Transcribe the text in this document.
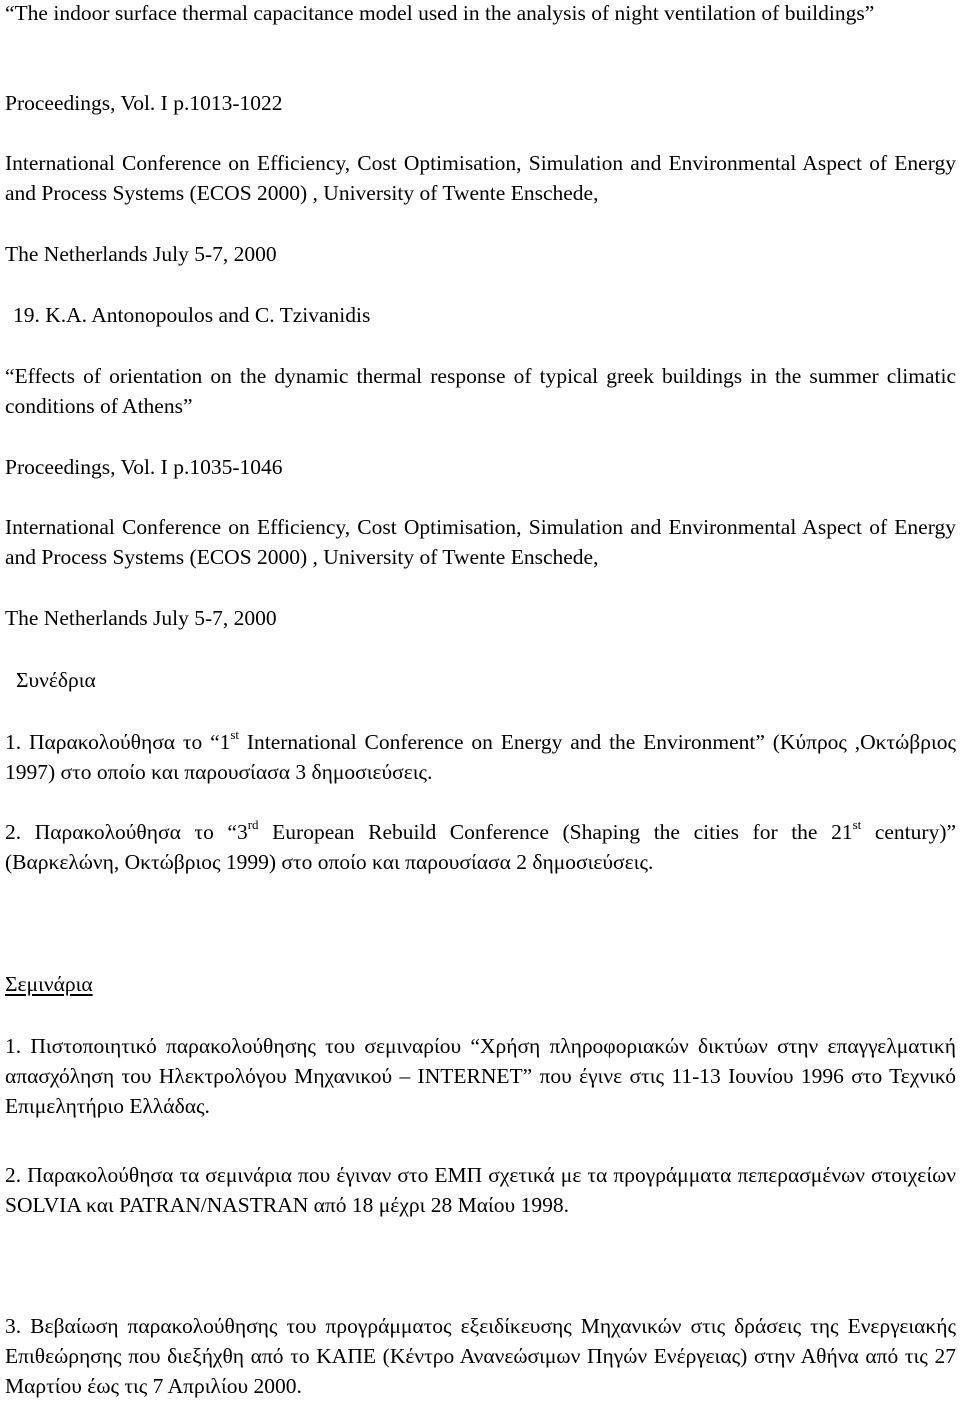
“The indoor surface thermal capacitance model used in the analysis of night ventilation of buildings”
Proceedings, Vol. I p.1013-1022
International Conference on Efficiency, Cost Optimisation, Simulation and Environmental Aspect of Energy and Process Systems (ECOS 2000) , University of Twente Enschede,
The Netherlands July 5-7, 2000
19. K.A. Antonopoulos and C. Tzivanidis
“Effects of orientation on the dynamic thermal response of typical greek buildings in the summer climatic conditions of Athens”
Proceedings, Vol. I p.1035-1046
International Conference on Efficiency, Cost Optimisation, Simulation and Environmental Aspect of Energy and Process Systems (ECOS 2000) , University of Twente Enschede,
The Netherlands July 5-7, 2000
Συνέδρια
1. Παρακολούθησα το “1st International Conference on Energy and the Environment” (Κύπρος ,Οκτώβριος 1997) στο οποίο και παρουσίασα 3 δημοσιεύσεις.
2. Παρακολούθησα το “3rd European Rebuild Conference (Shaping the cities for the 21st century)” (Βαρκελώνη, Οκτώβριος 1999) στο οποίο και παρουσίασα 2 δημοσιεύσεις.
Σεμινάρια
1. Πιστοποιητικό παρακολούθησης του σεμιναρίου “Χρήση πληροφοριακών δικτύων στην επαγγελματική απασχόληση του Ηλεκτρολόγου Μηχανικού – INTERNET” που έγινε στις 11-13 Ιουνίου 1996 στο Τεχνικό Επιμελητήριο Ελλάδας.
2. Παρακολούθησα τα σεμινάρια που έγιναν στο ΕΜΠ σχετικά με τα προγράμματα πεπερασμένων στοιχείων SOLVIA και PATRAN/NASTRAN από 18 μέχρι 28 Μαίου 1998.
3. Βεβαίωση παρακολούθησης του προγράμματος εξειδίκευσης Μηχανικών στις δράσεις της Ενεργειακής Επιθεώρησης που διεξήχθη από το ΚΑΠΕ (Κέντρο Ανανεώσιμων Πηγών Ενέργειας) στην Αθήνα από τις 27 Μαρτίου έως τις 7 Απριλίου 2000.
